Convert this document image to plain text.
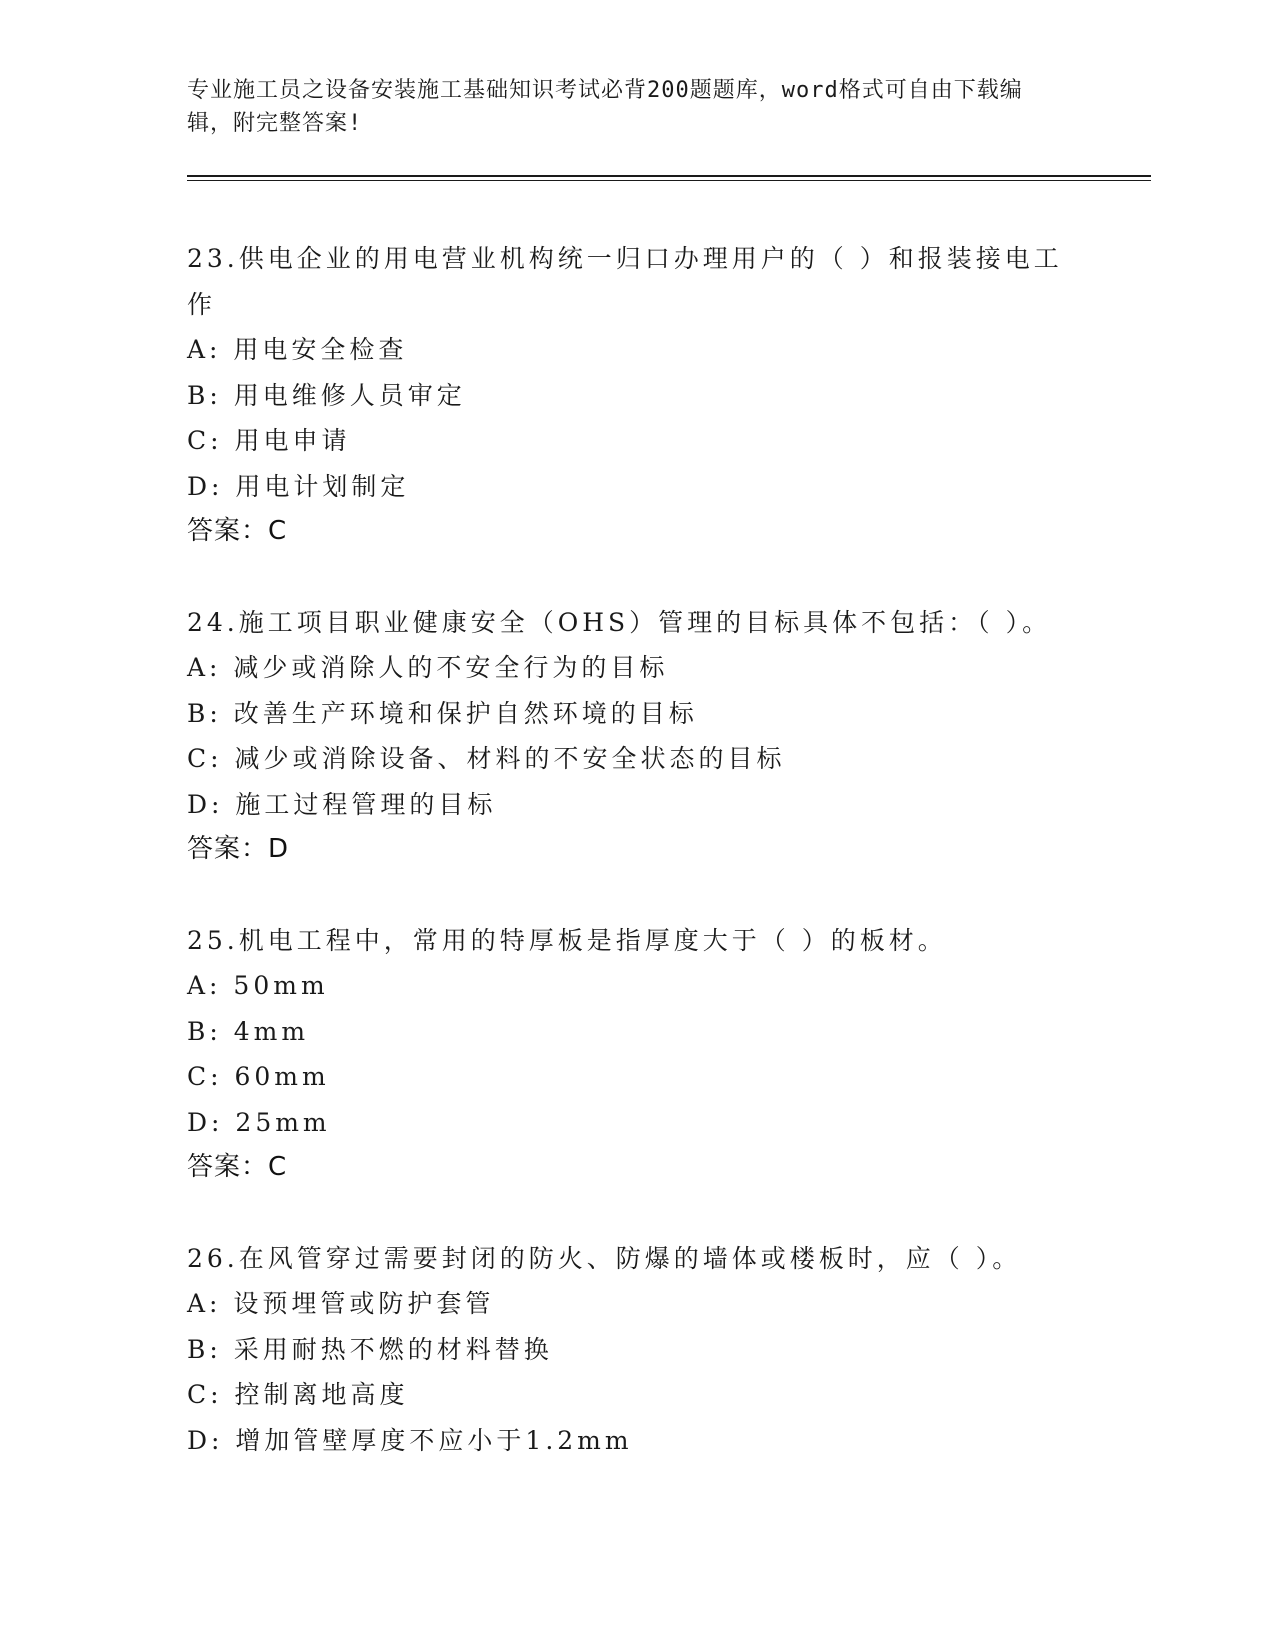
专业施工员之设备安装施工基础知识考试必背200题题库，word格式可自由下载编辑，附完整答案!

23.供电企业的用电营业机构统一归口办理用户的（ ）和报装接电工作

A: 用电安全检查

B: 用电维修人员审定

C: 用电申请

D: 用电计划制定

答案：C

24.施工项目职业健康安全（OHS）管理的目标具体不包括：（ ）。

A: 减少或消除人的不安全行为的目标

B: 改善生产环境和保护自然环境的目标

C: 减少或消除设备、材料的不安全状态的目标

D: 施工过程管理的目标

答案：D

25.机电工程中，常用的特厚板是指厚度大于（ ）的板材。

A: 50mm

B: 4mm

C: 60mm

D: 25mm

答案：C

26.在风管穿过需要封闭的防火、防爆的墙体或楼板时，应（ ）。

A: 设预埋管或防护套管

B: 采用耐热不燃的材料替换

C: 控制离地高度

D: 增加管壁厚度不应小于1.2mm
